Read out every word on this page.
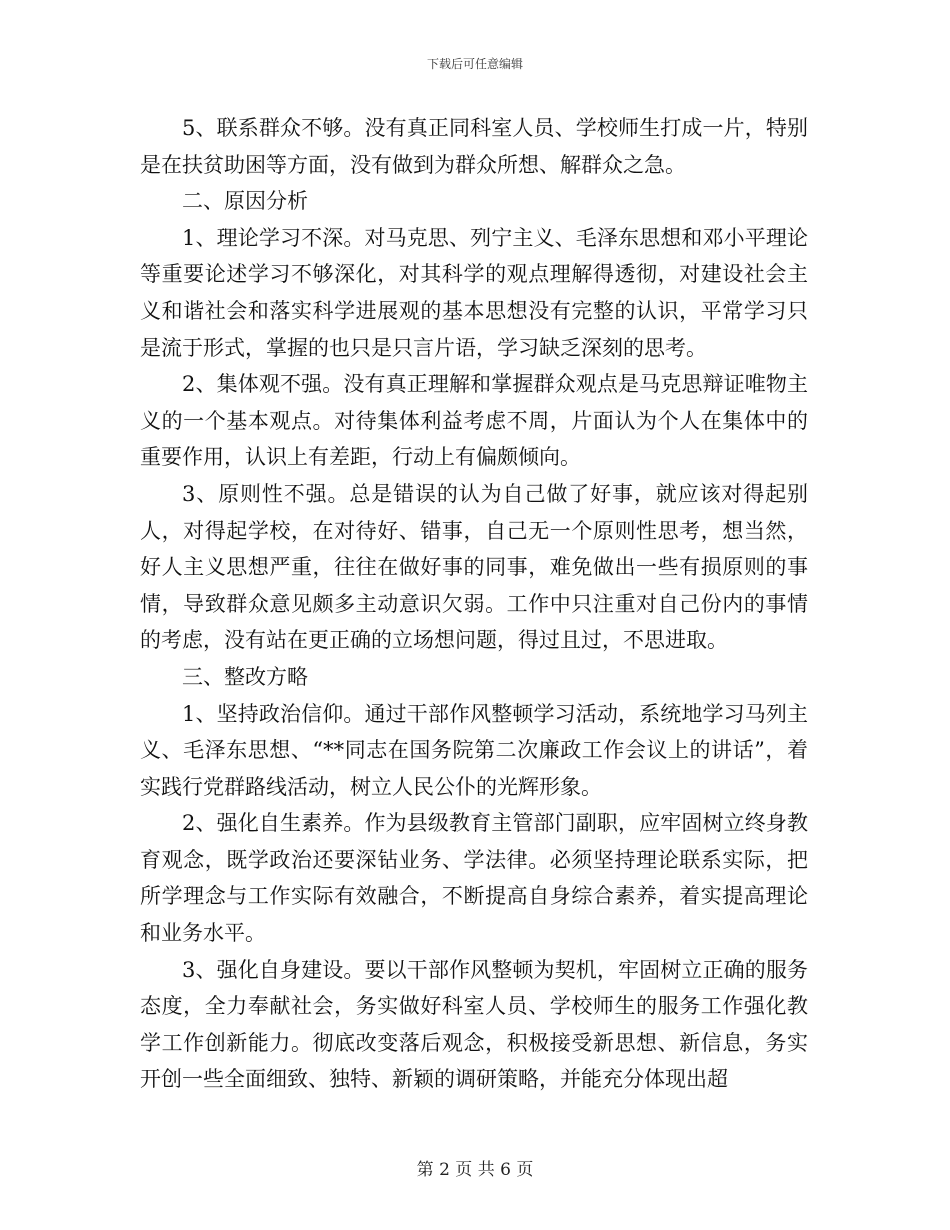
下载后可任意编辑

5、联系群众不够。没有真正同科室人员、学校师生打成一片，特别是在扶贫助困等方面，没有做到为群众所想、解群众之急。

二、原因分析

1、理论学习不深。对马克思、列宁主义、毛泽东思想和邓小平理论等重要论述学习不够深化，对其科学的观点理解得透彻，对建设社会主义和谐社会和落实科学进展观的基本思想没有完整的认识，平常学习只是流于形式，掌握的也只是只言片语，学习缺乏深刻的思考。

2、集体观不强。没有真正理解和掌握群众观点是马克思辩证唯物主义的一个基本观点。对待集体利益考虑不周，片面认为个人在集体中的重要作用，认识上有差距，行动上有偏颇倾向。

3、原则性不强。总是错误的认为自己做了好事，就应该对得起别人，对得起学校，在对待好、错事，自己无一个原则性思考，想当然，好人主义思想严重，往往在做好事的同事，难免做出一些有损原则的事情，导致群众意见颇多主动意识欠弱。工作中只注重对自己份内的事情的考虑，没有站在更正确的立场想问题，得过且过，不思进取。

三、整改方略

1、坚持政治信仰。通过干部作风整顿学习活动，系统地学习马列主义、毛泽东思想、“**同志在国务院第二次廉政工作会议上的讲话”，着实践行党群路线活动，树立人民公仆的光辉形象。

2、强化自生素养。作为县级教育主管部门副职，应牢固树立终身教育观念，既学政治还要深钻业务、学法律。必须坚持理论联系实际，把所学理念与工作实际有效融合，不断提高自身综合素养，着实提高理论和业务水平。

3、强化自身建设。要以干部作风整顿为契机，牢固树立正确的服务态度，全力奉献社会，务实做好科室人员、学校师生的服务工作强化教学工作创新能力。彻底改变落后观念，积极接受新思想、新信息，务实开创一些全面细致、独特、新颖的调研策略，并能充分体现出超

第 2 页 共 6 页
